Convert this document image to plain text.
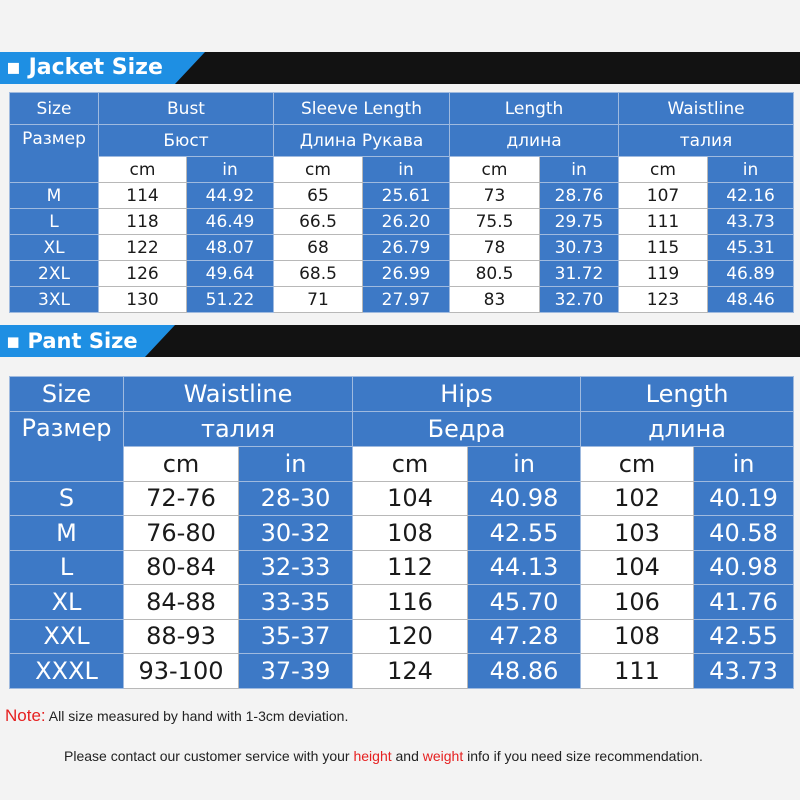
▪ Jacket Size
Size	Bust		Sleeve Length		Length		Waistline	
Размер	Бюст		Длина Рукава		длина		талия	
	cm	in	cm	in	cm	in	cm	in
M	114	44.92	65	25.61	73	28.76	107	42.16
L	118	46.49	66.5	26.20	75.5	29.75	111	43.73
XL	122	48.07	68	26.79	78	30.73	115	45.31
2XL	126	49.64	68.5	26.99	80.5	31.72	119	46.89
3XL	130	51.22	71	27.97	83	32.70	123	48.46
▪ Pant Size
Size	Waistline		Hips		Length	
Размер	талия		Бедра		длина	
	cm	in	cm	in	cm	in
S	72-76	28-30	104	40.98	102	40.19
M	76-80	30-32	108	42.55	103	40.58
L	80-84	32-33	112	44.13	104	40.98
XL	84-88	33-35	116	45.70	106	41.76
XXL	88-93	35-37	120	47.28	108	42.55
XXXL	93-100	37-39	124	48.86	111	43.73
Note: All size measured by hand with 1-3cm deviation.
Please contact our customer service with your height and weight info if you need size recommendation.
